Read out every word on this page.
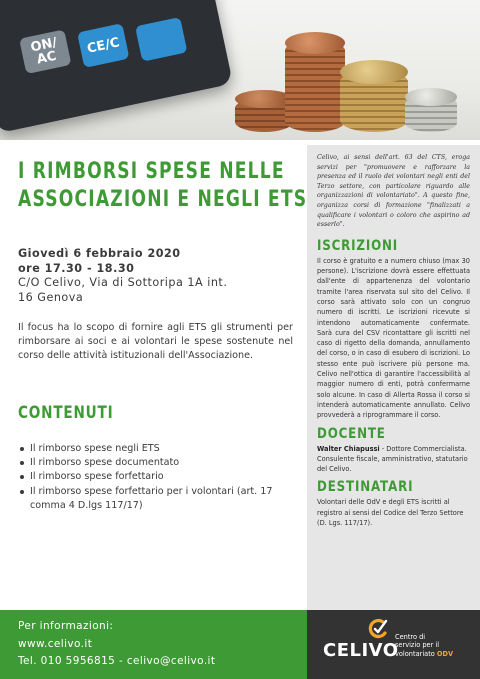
ON/
AC
CE/C
I RIMBORSI SPESE NELLE
ASSOCIAZIONI E NEGLI ETS
Giovedì 6 febbraio 2020
ore 17.30 - 18.30
C/O Celivo, Via di Sottoripa 1A int.
16 Genova

Il focus ha lo scopo di fornire agli ETS gli strumenti per rimborsare ai soci e ai volontari le spese sostenute nel corso delle attività istituzionali dell'Associazione.

CONTENUTI
Il rimborso spese negli ETS
Il rimborso spese documentato
Il rimborso spese forfettario
Il rimborso spese forfettario per i volontari (art. 17 comma 4 D.lgs 117/17)

Celivo, ai sensi dell'art. 63 del CTS, eroga servizi per "promuovere e rafforzare la presenza ed il ruolo dei volontari negli enti del Terzo settore, con particolare riguardo alle organizzazioni di volontariato". A questo fine, organizza corsi di formazione "finalizzati a qualificare i volontari o coloro che aspirino ad esserlo".

ISCRIZIONI

Il corso è gratuito e a numero chiuso (max 30 persone). L'iscrizione dovrà essere effettuata dall'ente di appartenenza del volontario tramite l'area riservata sul sito del Celivo. Il corso sarà attivato solo con un congruo numero di iscritti. Le iscrizioni ricevute si intendono automaticamente confermate. Sarà cura del CSV ricontattare gli iscritti nel caso di rigetto della domanda, annullamento del corso, o in caso di esubero di iscrizioni. Lo stesso ente può iscrivere più persone ma. Celivo nell'ottica di garantire l'accessibilità al maggior numero di enti, potrà confermarne solo alcune. In caso di Allerta Rossa il corso si intenderà automaticamente annullato. Celivo provvederà a riprogrammare il corso.

DOCENTE

Walter Chiapussi - Dottore Commercialista. Consulente fiscale, amministrativo, statutario del Celivo.

DESTINATARI

Volontari delle OdV e degli ETS iscritti al registro ai sensi del Codice del Terzo Settore (D. Lgs. 117/17).

Per informazioni:
www.celivo.it
Tel. 010 5956815 - celivo@celivo.it	CELIVO
Centro di
servizio per il
volontariato ODV
